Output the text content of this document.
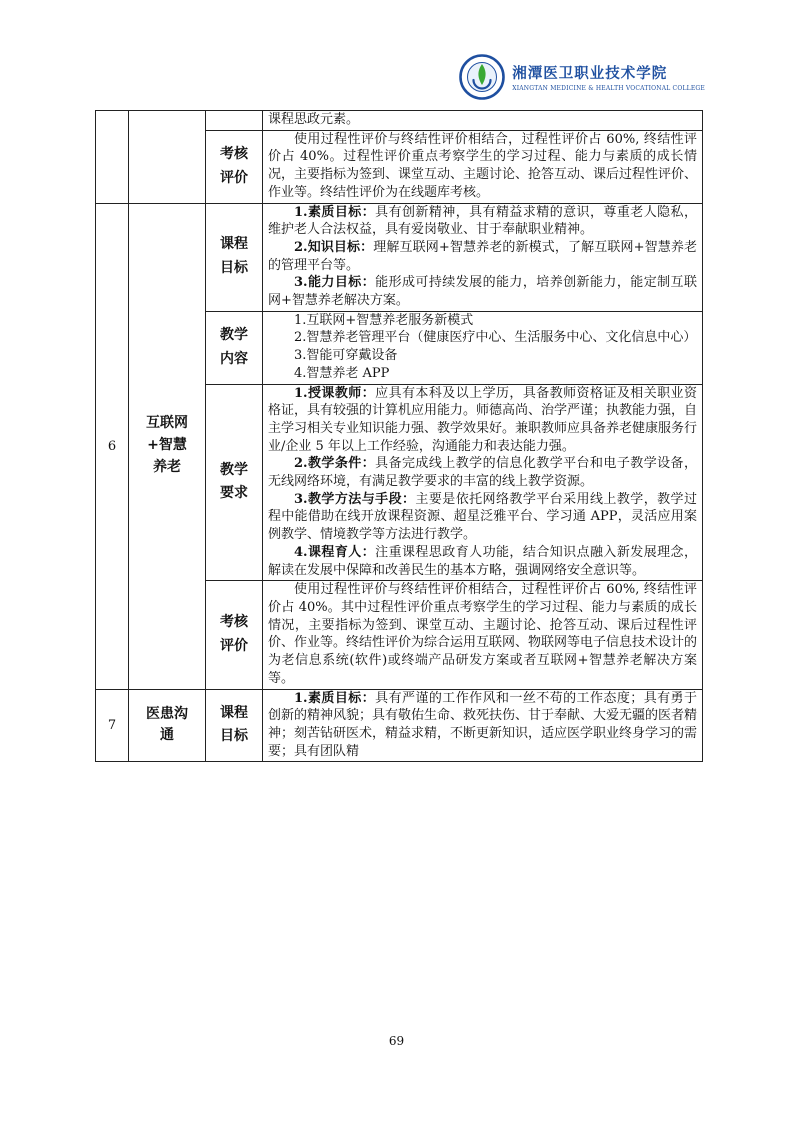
湘潭医卫职业技术学院
XIANGTAN MEDICINE & HEALTH VOCATIONAL COLLEGE

			课程思政元素。

		考核评价	使用过程性评价与终结性评价相结合，过程性评价占 60%, 终结性评价占 40%。过程性评价重点考察学生的学习过程、能力与素质的成长情况，主要指标为签到、课堂互动、主题讨论、抢答互动、课后过程性评价、作业等。终结性评价为在线题库考核。

6	互联网+智慧养老	课程目标	1.素质目标：具有创新精神，具有精益求精的意识，尊重老人隐私，维护老人合法权益，具有爱岗敬业、甘于奉献职业精神。

2.知识目标：理解互联网+智慧养老的新模式，了解互联网+智慧养老的管理平台等。

3.能力目标：能形成可持续发展的能力，培养创新能力，能定制互联网+智慧养老解决方案。

		教学内容	1.互联网+智慧养老服务新模式

2.智慧养老管理平台（健康医疗中心、生活服务中心、文化信息中心）

3.智能可穿戴设备

4.智慧养老 APP

		教学要求	1.授课教师：应具有本科及以上学历，具备教师资格证及相关职业资格证，具有较强的计算机应用能力。师德高尚、治学严谨；执教能力强，自主学习相关专业知识能力强、教学效果好。兼职教师应具备养老健康服务行业/企业 5 年以上工作经验，沟通能力和表达能力强。

2.教学条件：具备完成线上教学的信息化教学平台和电子教学设备，无线网络环境，有满足教学要求的丰富的线上教学资源。

3.教学方法与手段：主要是依托网络教学平台采用线上教学，教学过程中能借助在线开放课程资源、超星泛雅平台、学习通 APP，灵活应用案例教学、情境教学等方法进行教学。

4.课程育人：注重课程思政育人功能，结合知识点融入新发展理念，解读在发展中保障和改善民生的基本方略，强调网络安全意识等。

		考核评价	使用过程性评价与终结性评价相结合，过程性评价占 60%, 终结性评价占 40%。其中过程性评价重点考察学生的学习过程、能力与素质的成长情况，主要指标为签到、课堂互动、主题讨论、抢答互动、课后过程性评价、作业等。终结性评价为综合运用互联网、物联网等电子信息技术设计的为老信息系统(软件)或终端产品研发方案或者互联网+智慧养老解决方案等。

7	医患沟通	课程目标	1.素质目标：具有严谨的工作作风和一丝不苟的工作态度；具有勇于创新的精神风貌；具有敬佑生命、救死扶伤、甘于奉献、大爱无疆的医者精神；刻苦钻研医术，精益求精，不断更新知识，适应医学职业终身学习的需要；具有团队精

69
